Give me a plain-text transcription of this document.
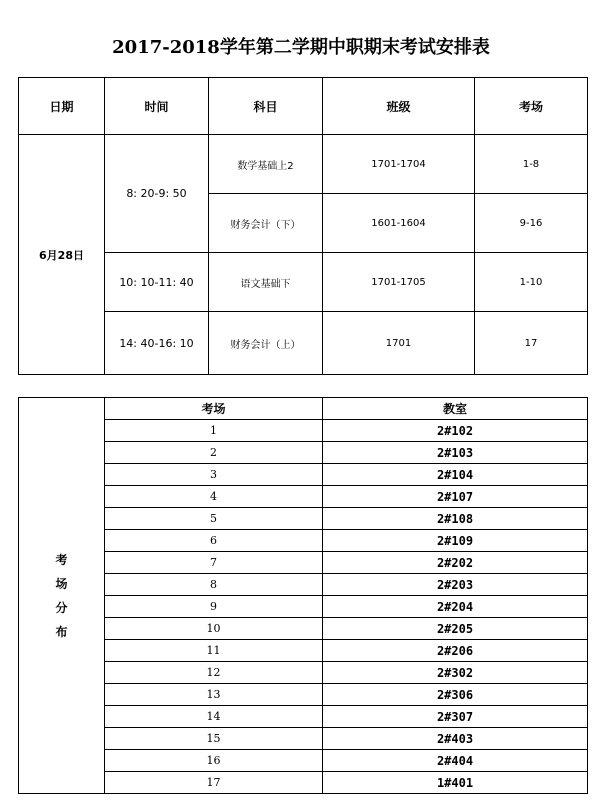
2017-2018学年第二学期中职期末考试安排表
日期	时间	科目	班级	考场
6月28日	8: 20-9: 50	数学基础上2	1701-1704	1-8
		财务会计（下）	1601-1604	9-16
	10: 10-11: 40	语文基础下	1701-1705	1-10
	14: 40-16: 10	财务会计（上）	1701	17
考场分布	考场	教室
	1	2#102
	2	2#103
	3	2#104
	4	2#107
	5	2#108
	6	2#109
	7	2#202
	8	2#203
	9	2#204
	10	2#205
	11	2#206
	12	2#302
	13	2#306
	14	2#307
	15	2#403
	16	2#404
	17	1#401
